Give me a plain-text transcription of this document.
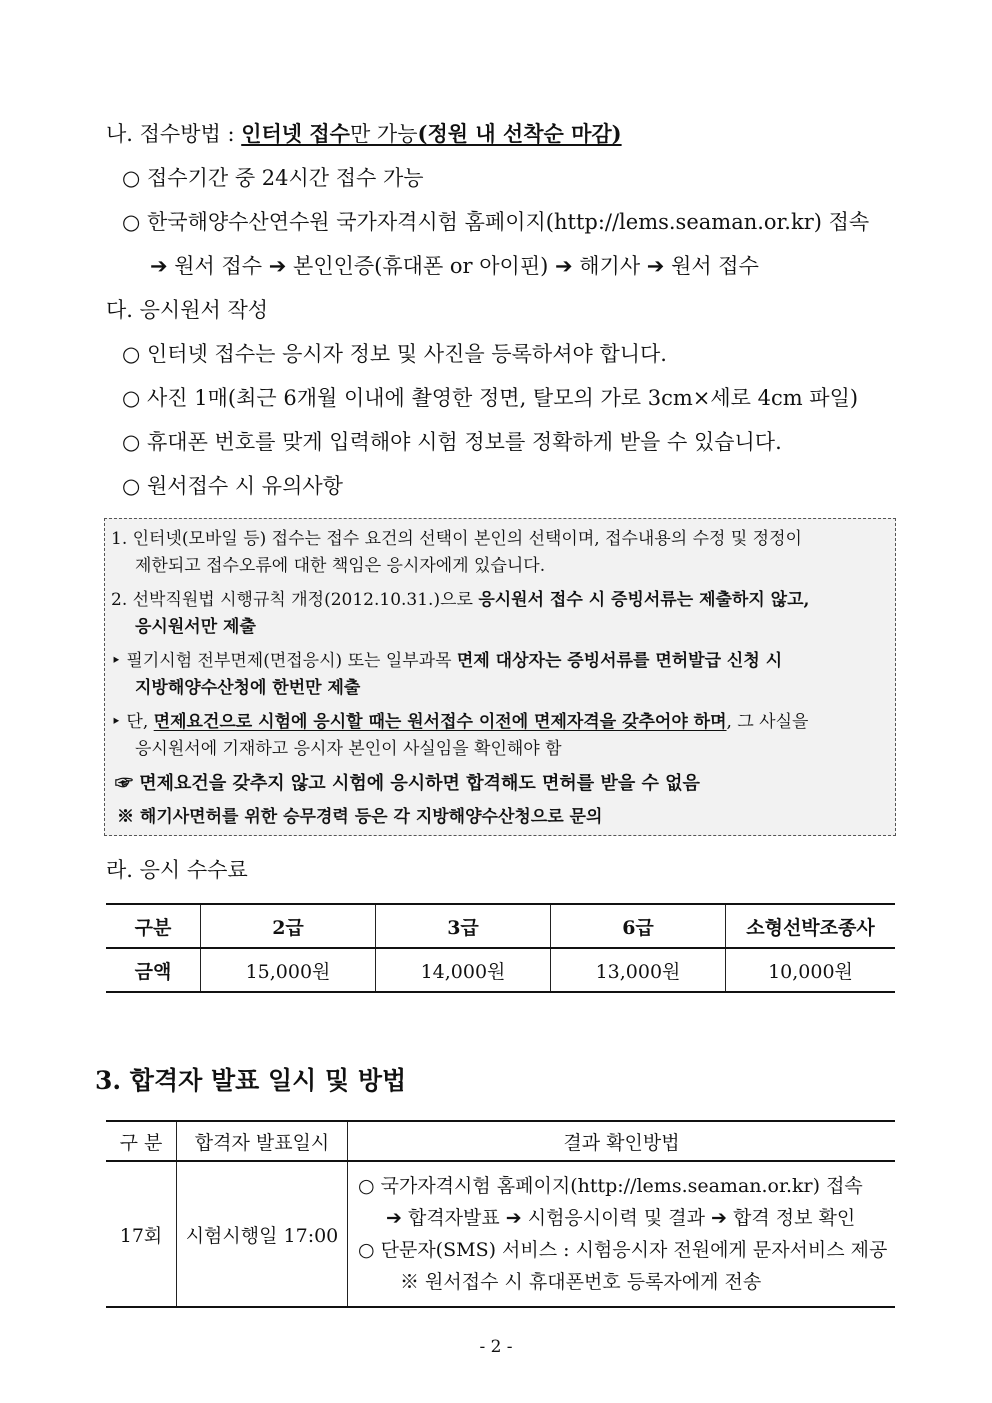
나. 접수방법 : 인터넷 접수만 가능(정원 내 선착순 마감)
○ 접수기간 중 24시간 접수 가능
○ 한국해양수산연수원 국가자격시험 홈페이지(http://lems.seaman.or.kr) 접속
➔ 원서 접수 ➔ 본인인증(휴대폰 or 아이핀) ➔ 해기사 ➔ 원서 접수
다. 응시원서 작성
○ 인터넷 접수는 응시자 정보 및 사진을 등록하셔야 합니다.
○ 사진 1매(최근 6개월 이내에 촬영한 정면, 탈모의 가로 3cm×세로 4cm 파일)
○ 휴대폰 번호를 맞게 입력해야 시험 정보를 정확하게 받을 수 있습니다.
○ 원서접수 시 유의사항
1. 인터넷(모바일 등) 접수는 접수 요건의 선택이 본인의 선택이며, 접수내용의 수정 및 정정이
제한되고 접수오류에 대한 책임은 응시자에게 있습니다.
2. 선박직원법 시행규칙 개정(2012.10.31.)으로 응시원서 접수 시 증빙서류는 제출하지 않고,
응시원서만 제출
‣ 필기시험 전부면제(면접응시) 또는 일부과목 면제 대상자는 증빙서류를 면허발급 신청 시
지방해양수산청에 한번만 제출
‣ 단, 면제요건으로 시험에 응시할 때는 원서접수 이전에 면제자격을 갖추어야 하며, 그 사실을
응시원서에 기재하고 응시자 본인이 사실임을 확인해야 함
☞ 면제요건을 갖추지 않고 시험에 응시하면 합격해도 면허를 받을 수 없음
※ 해기사면허를 위한 승무경력 등은 각 지방해양수산청으로 문의
라. 응시 수수료
구분	2급	3급	6급	소형선박조종사
금액	15,000원	14,000원	13,000원	10,000원
3. 합격자 발표 일시 및 방법
구 분	합격자 발표일시	결과 확인방법
17회	시험시행일 17:00	○ 국가자격시험 홈페이지(http://lems.seaman.or.kr) 접속
➔ 합격자발표 ➔ 시험응시이력 및 결과 ➔ 합격 정보 확인
○ 단문자(SMS) 서비스 : 시험응시자 전원에게 문자서비스 제공
※ 원서접수 시 휴대폰번호 등록자에게 전송
- 2 -
